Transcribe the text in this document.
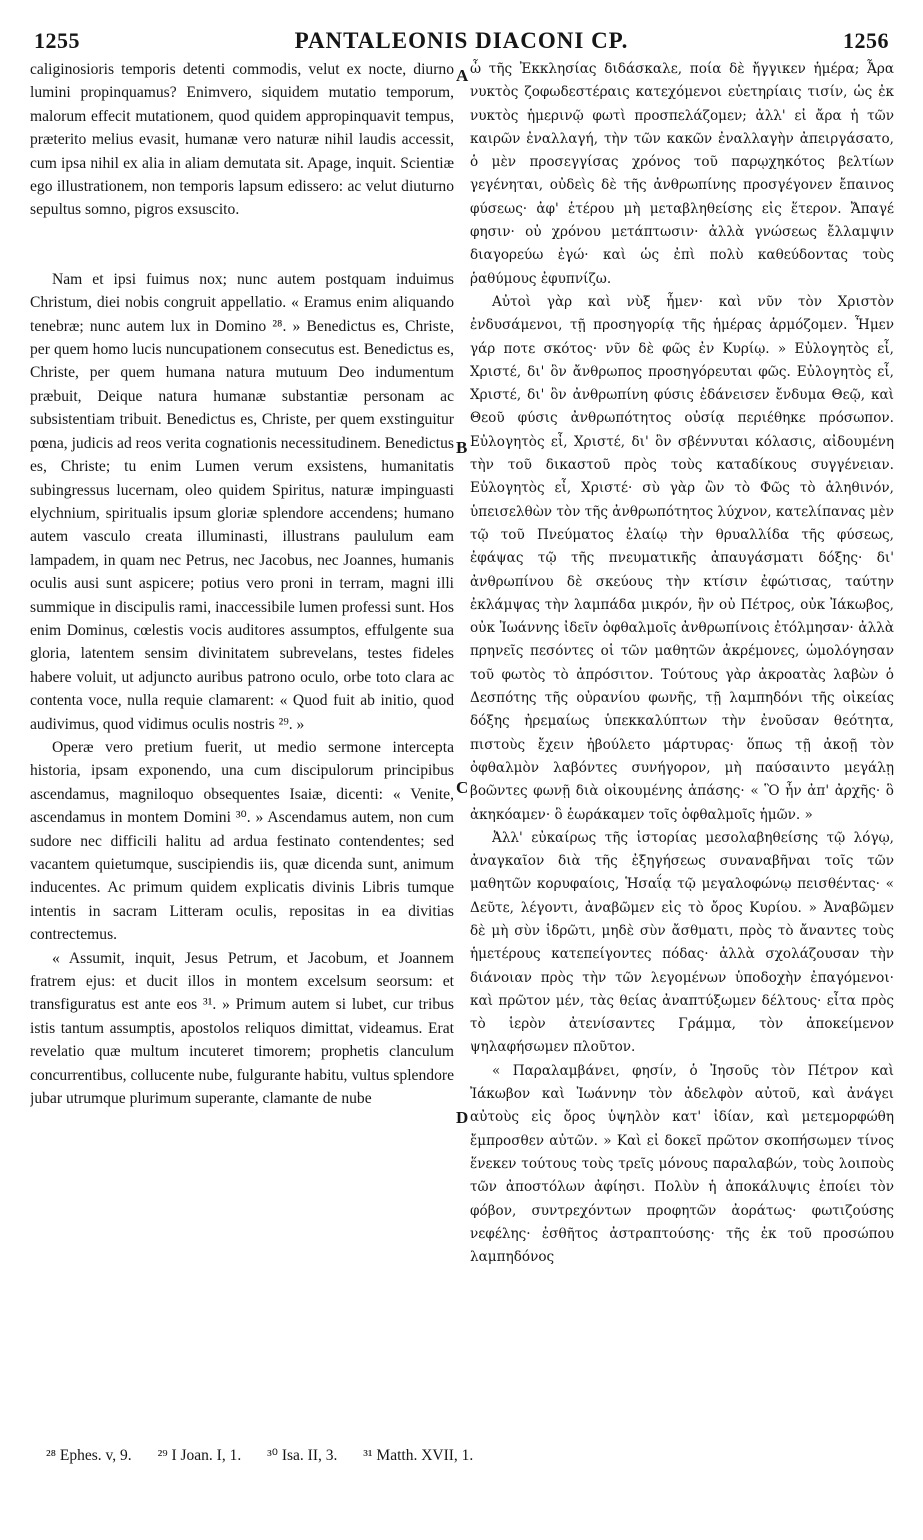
1255	PANTALEONIS DIACONI CP.	1256

caliginosioris temporis detenti commodis, velut ex nocte, diurno lumini propinquamus? Enimvero, siquidem mutatio temporum, malorum effecit mutationem, quod quidem appropinquavit tempus, præterito melius evasit, humanæ vero naturæ nihil laudis accessit, cum ipsa nihil ex alia in aliam demutata sit. Apage, inquit. Scientiæ ego illustrationem, non temporis lapsum edissero: ac velut diuturno sepultus somno, pigros exsuscito.

Nam et ipsi fuimus nox; nunc autem postquam induimus Christum, diei nobis congruit appellatio. « Eramus enim aliquando tenebræ; nunc autem lux in Domino ²⁸. » Benedictus es, Christe, per quem homo lucis nuncupationem consecutus est. Benedictus es, Christe, per quem humana natura mutuum Deo indumentum præbuit, Deique natura humanæ substantiæ personam ac subsistentiam tribuit. Benedictus es, Christe, per quem exstinguitur pœna, judicis ad reos verita cognationis necessitudinem. Benedictus es, Christe; tu enim Lumen verum exsistens, humanitatis subingressus lucernam, oleo quidem Spiritus, naturæ impinguasti elychnium, spiritualis ipsum gloriæ splendore accendens; humano autem vasculo creata illuminasti, illustrans paululum eam lampadem, in quam nec Petrus, nec Jacobus, nec Joannes, humanis oculis ausi sunt aspicere; potius vero proni in terram, magni illi summique in discipulis rami, inaccessibile lumen professi sunt. Hos enim Dominus, cœlestis vocis auditores assumptos, effulgente sua gloria, latentem sensim divinitatem subrevelans, testes fideles habere voluit, ut adjuncto auribus patrono oculo, orbe toto clara ac contenta voce, nulla requie clamarent: « Quod fuit ab initio, quod audivimus, quod vidimus oculis nostris ²⁹. »

Operæ vero pretium fuerit, ut medio sermone intercepta historia, ipsam exponendo, una cum discipulorum principibus ascendamus, magniloquo obsequentes Isaiæ, dicenti: « Venite, ascendamus in montem Domini ³⁰. » Ascendamus autem, non cum sudore nec difficili halitu ad ardua festinato contendentes; sed vacantem quietumque, suscipiendis iis, quæ dicenda sunt, animum inducentes. Ac primum quidem explicatis divinis Libris tumque intentis in sacram Litteram oculis, repositas in ea divitias contrectemus.

« Assumit, inquit, Jesus Petrum, et Jacobum, et Joannem fratrem ejus: et ducit illos in montem excelsum seorsum: et transfiguratus est ante eos ³¹. » Primum autem si lubet, cur tribus istis tantum assumptis, apostolos reliquos dimittat, videamus. Erat revelatio quæ multum incuteret timorem; prophetis clanculum concurrentibus, collucente nube, fulgurante habitu, vultus splendore jubar utrumque plurimum superante, clamante de nube

ὦ τῆς Ἐκκλησίας διδάσκαλε, ποία δὲ ἤγγικεν ἡμέρα; Ἆρα νυκτὸς ζοφωδεστέραις κατεχόμενοι εὐετηρίαις τισίν, ὡς ἐκ νυκτὸς ἡμερινῷ φωτὶ προσπελάζομεν; ἀλλ' εἰ ἄρα ἡ τῶν καιρῶν ἐναλλαγή, τὴν τῶν κακῶν ἐναλλαγὴν ἀπειργάσατο, ὁ μὲν προσεγγίσας χρόνος τοῦ παρῳχηκότος βελτίων γεγένηται, οὐδεὶς δὲ τῆς ἀνθρωπίνης προσγέγονεν ἔπαινος φύσεως· ἀφ' ἑτέρου μὴ μεταβληθείσης εἰς ἕτερον. Ἄπαγέ φησιν· οὐ χρόνου μετάπτωσιν· ἀλλὰ γνώσεως ἔλλαμψιν διαγορεύω ἐγώ· καὶ ὡς ἐπὶ πολὺ καθεύδοντας τοὺς ῥαθύμους ἐφυπνίζω.

Αὐτοὶ γὰρ καὶ νὺξ ἦμεν· καὶ νῦν τὸν Χριστὸν ἐνδυσάμενοι, τῇ προσηγορίᾳ τῆς ἡμέρας ἁρμόζομεν. Ἦμεν γάρ ποτε σκότος· νῦν δὲ φῶς ἐν Κυρίῳ. » Εὐλογητὸς εἶ, Χριστέ, δι' ὃν ἄνθρωπος προσηγόρευται φῶς. Εὐλογητὸς εἶ, Χριστέ, δι' ὃν ἀνθρωπίνη φύσις ἐδάνεισεν ἔνδυμα Θεῷ, καὶ Θεοῦ φύσις ἀνθρωπότητος οὐσίᾳ περιέθηκε πρόσωπον. Εὐλογητὸς εἶ, Χριστέ, δι' ὃν σβέννυται κόλασις, αἰδουμένη τὴν τοῦ δικαστοῦ πρὸς τοὺς καταδίκους συγγένειαν. Εὐλογητὸς εἶ, Χριστέ· σὺ γὰρ ὢν τὸ Φῶς τὸ ἀληθινόν, ὑπεισελθὼν τὸν τῆς ἀνθρωπότητος λύχνον, κατελίπανας μὲν τῷ τοῦ Πνεύματος ἐλαίῳ τὴν θρυαλλίδα τῆς φύσεως, ἐφάψας τῷ τῆς πνευματικῆς ἀπαυγάσματι δόξης· δι' ἀνθρωπίνου δὲ σκεύους τὴν κτίσιν ἐφώτισας, ταύτην ἐκλάμψας τὴν λαμπάδα μικρόν, ἣν οὐ Πέτρος, οὐκ Ἰάκωβος, οὐκ Ἰωάννης ἰδεῖν ὀφθαλμοῖς ἀνθρωπίνοις ἐτόλμησαν· ἀλλὰ πρηνεῖς πεσόντες οἱ τῶν μαθητῶν ἀκρέμονες, ὡμολόγησαν τοῦ φωτὸς τὸ ἀπρόσιτον. Τούτους γὰρ ἀκροατὰς λαβὼν ὁ Δεσπότης τῆς οὐρανίου φωνῆς, τῇ λαμπηδόνι τῆς οἰκείας δόξης ἠρεμαίως ὑπεκκαλύπτων τὴν ἐνοῦσαν θεότητα, πιστοὺς ἔχειν ἠβούλετο μάρτυρας· ὅπως τῇ ἀκοῇ τὸν ὀφθαλμὸν λαβόντες συνήγορον, μὴ παύσαιντο μεγάλῃ βοῶντες φωνῇ διὰ οἰκουμένης ἁπάσης· « Ὃ ἦν ἀπ' ἀρχῆς· ὃ ἀκηκόαμεν· ὃ ἑωράκαμεν τοῖς ὀφθαλμοῖς ἡμῶν. »

Ἀλλ' εὐκαίρως τῆς ἱστορίας μεσολαβηθείσης τῷ λόγῳ, ἀναγκαῖον διὰ τῆς ἐξηγήσεως συναναβῆναι τοῖς τῶν μαθητῶν κορυφαίοις, Ἡσαΐᾳ τῷ μεγαλοφώνῳ πεισθέντας· « Δεῦτε, λέγοντι, ἀναβῶμεν εἰς τὸ ὄρος Κυρίου. » Ἀναβῶμεν δὲ μὴ σὺν ἱδρῶτι, μηδὲ σὺν ἄσθματι, πρὸς τὸ ἄναντες τοὺς ἡμετέρους κατεπείγοντες πόδας· ἀλλὰ σχολάζουσαν τὴν διάνοιαν πρὸς τὴν τῶν λεγομένων ὑποδοχὴν ἐπαγόμενοι· καὶ πρῶτον μέν, τὰς θείας ἀναπτύξωμεν δέλτους· εἶτα πρὸς τὸ ἱερὸν ἀτενίσαντες Γράμμα, τὸν ἀποκείμενον ψηλαφήσωμεν πλοῦτον.

« Παραλαμβάνει, φησίν, ὁ Ἰησοῦς τὸν Πέτρον καὶ Ἰάκωβον καὶ Ἰωάννην τὸν ἀδελφὸν αὐτοῦ, καὶ ἀνάγει αὐτοὺς εἰς ὄρος ὑψηλὸν κατ' ἰδίαν, καὶ μετεμορφώθη ἔμπροσθεν αὐτῶν. » Καὶ εἰ δοκεῖ πρῶτον σκοπήσωμεν τίνος ἕνεκεν τούτους τοὺς τρεῖς μόνους παραλαβών, τοὺς λοιποὺς τῶν ἀποστόλων ἀφίησι. Πολὺν ἡ ἀποκάλυψις ἐποίει τὸν φόβον, συντρεχόντων προφητῶν ἀοράτως· φωτιζούσης νεφέλης· ἐσθῆτος ἀστραπτούσης· τῆς ἐκ τοῦ προσώπου λαμπηδόνος

A
B
C
D
²⁸ Ephes. v, 9. ²⁹ I Joan. I, 1. ³⁰ Isa. II, 3. ³¹ Matth. XVII, 1.
